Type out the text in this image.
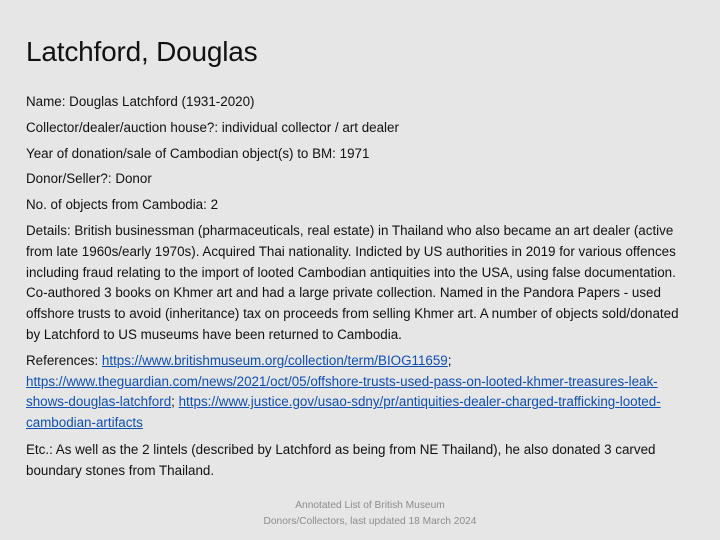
Latchford, Douglas

Name: Douglas Latchford (1931-2020)

Collector/dealer/auction house?: individual collector / art dealer

Year of donation/sale of Cambodian object(s) to BM: 1971

Donor/Seller?: Donor

No. of objects from Cambodia: 2

Details: British businessman (pharmaceuticals, real estate) in Thailand who also became an art dealer (active from late 1960s/early 1970s). Acquired Thai nationality. Indicted by US authorities in 2019 for various offences including fraud relating to the import of looted Cambodian antiquities into the USA, using false documentation. Co-authored 3 books on Khmer art and had a large private collection. Named in the Pandora Papers - used offshore trusts to avoid (inheritance) tax on proceeds from selling Khmer art. A number of objects sold/donated by Latchford to US museums have been returned to Cambodia.

References: https://www.britishmuseum.org/collection/term/BIOG11659; https://www.theguardian.com/news/2021/oct/05/offshore-trusts-used-pass-on-looted-khmer-treasures-leak-shows-douglas-latchford; https://www.justice.gov/usao-sdny/pr/antiquities-dealer-charged-trafficking-looted-cambodian-artifacts

Etc.: As well as the 2 lintels (described by Latchford as being from NE Thailand), he also donated 3 carved boundary stones from Thailand.

Annotated List of British Museum
Donors/Collectors, last updated 18 March 2024
